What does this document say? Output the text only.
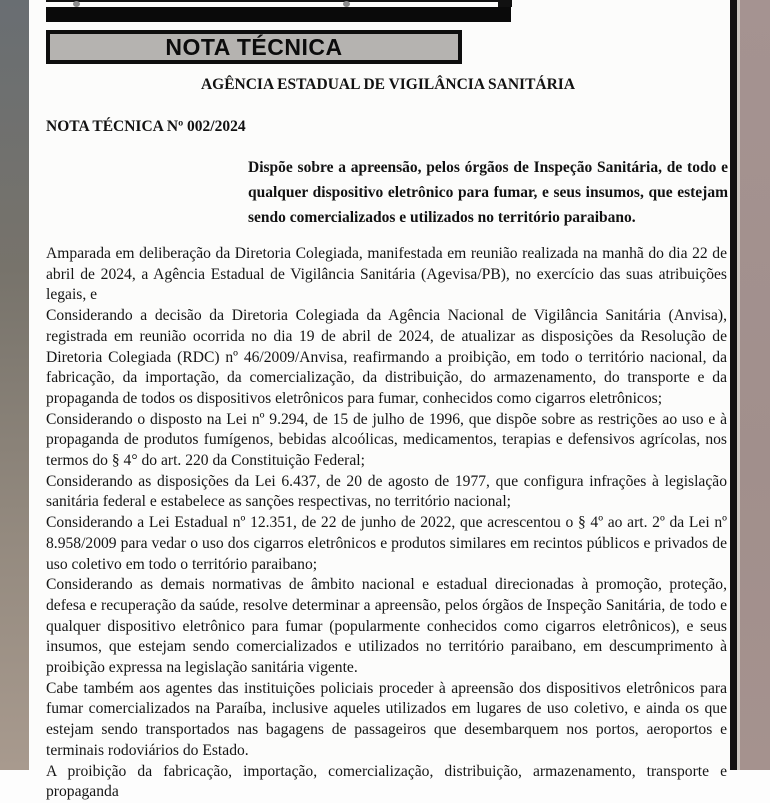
NOTA TÉCNICA
AGÊNCIA ESTADUAL DE VIGILÂNCIA SANITÁRIA
NOTA TÉCNICA Nº 002/2024
Dispõe sobre a apreensão, pelos órgãos de Inspeção Sanitária, de todo e qualquer dispositivo eletrônico para fumar, e seus insumos, que estejam sendo comercializados e utilizados no território paraibano.

Amparada em deliberação da Diretoria Colegiada, manifestada em reunião realizada na manhã do dia 22 de abril de 2024, a Agência Estadual de Vigilância Sanitária (Agevisa/PB), no exercício das suas atribuições legais, e

Considerando a decisão da Diretoria Colegiada da Agência Nacional de Vigilância Sanitária (Anvisa), registrada em reunião ocorrida no dia 19 de abril de 2024, de atualizar as disposições da Resolução de Diretoria Colegiada (RDC) nº 46/2009/Anvisa, reafirmando a proibição, em todo o território nacional, da fabricação, da importação, da comercialização, da distribuição, do armazenamento, do transporte e da propaganda de todos os dispositivos eletrônicos para fumar, conhecidos como cigarros eletrônicos;

Considerando o disposto na Lei nº 9.294, de 15 de julho de 1996, que dispõe sobre as restrições ao uso e à propaganda de produtos fumígenos, bebidas alcoólicas, medicamentos, terapias e defensivos agrícolas, nos termos do § 4° do art. 220 da Constituição Federal;

Considerando as disposições da Lei 6.437, de 20 de agosto de 1977, que configura infrações à legislação sanitária federal e estabelece as sanções respectivas, no território nacional;

Considerando a Lei Estadual nº 12.351, de 22 de junho de 2022, que acrescentou o § 4º ao art. 2º da Lei nº 8.958/2009 para vedar o uso dos cigarros eletrônicos e produtos similares em recintos públicos e privados de uso coletivo em todo o território paraibano;

Considerando as demais normativas de âmbito nacional e estadual direcionadas à promoção, proteção, defesa e recuperação da saúde, resolve determinar a apreensão, pelos órgãos de Inspeção Sanitária, de todo e qualquer dispositivo eletrônico para fumar (popularmente conhecidos como cigarros eletrônicos), e seus insumos, que estejam sendo comercializados e utilizados no território paraibano, em descumprimento à proibição expressa na legislação sanitária vigente.

Cabe também aos agentes das instituições policiais proceder à apreensão dos dispositivos eletrônicos para fumar comercializados na Paraíba, inclusive aqueles utilizados em lugares de uso coletivo, e ainda os que estejam sendo transportados nas bagagens de passageiros que desembarquem nos portos, aeroportos e terminais rodoviários do Estado.

A proibição da fabricação, importação, comercialização, distribuição, armazenamento, transporte e propaganda
